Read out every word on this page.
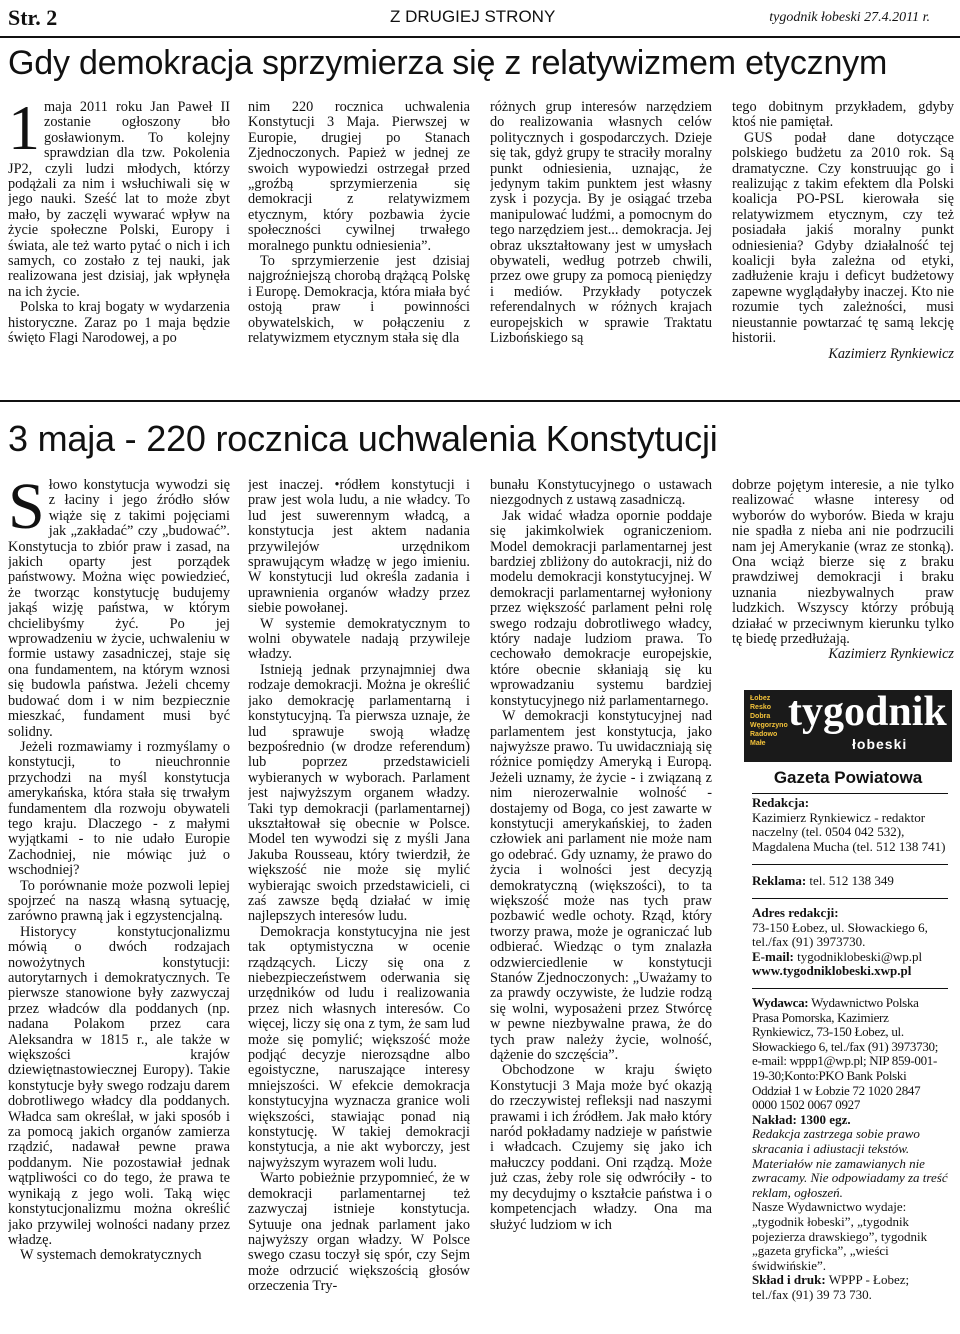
Str. 2	Z DRUGIEJ STRONY	tygodnik łobeski 27.4.2011 r.
Gdy demokracja sprzymierza się z relatywizmem etycznym
1 maja 2011 roku Jan Paweł II zostanie ogłoszony bło gosławionym. To kolejny sprawdzian dla tzw. Pokolenia JP2, czyli ludzi młodych, którzy podążali za nim i wsłuchiwali się w jego nauki. Sześć lat to może zbyt mało, by zaczęli wywarać wpływ na życie społeczne Polski, Europy i świata, ale też warto pytać o nich i ich samych, co zostało z tej nauki, jak realizowana jest dzisiaj, jak wpłynęła na ich życie.

Polska to kraj bogaty w wydarzenia historyczne. Zaraz po 1 maja będzie święto Flagi Narodowej, a po

nim 220 rocznica uchwalenia Konstytucji 3 Maja. Pierwszej w Europie, drugiej po Stanach Zjednoczonych. Papież w jednej ze swoich wypowiedzi ostrzegał przed „groźbą sprzymierzenia się demokracji z relatywizmem etycznym, który pozbawia życie społeczności cywilnej trwałego moralnego punktu odniesienia”.

To sprzymierzenie jest dzisiaj najgroźniejszą chorobą drążącą Polskę i Europę. Demokracja, która miała być ostoją praw i powinności obywatelskich, w połączeniu z relatywizmem etycznym stała się dla

różnych grup interesów narzędziem do realizowania własnych celów politycznych i gospodarczych. Dzieje się tak, gdyż grupy te straciły moralny punkt odniesienia, uznając, że jedynym takim punktem jest własny zysk i pozycja. By je osiągać trzeba manipulować ludźmi, a pomocnym do tego narzędziem jest... demokracja. Jej obraz ukształtowany jest w umysłach obywateli, według potrzeb chwili, przez owe grupy za pomocą pieniędzy i mediów. Przykłady potyczek referendalnych w różnych krajach europejskich w sprawie Traktatu Lizbońskiego są

tego dobitnym przykładem, gdyby ktoś nie pamiętał.

GUS podał dane dotyczące polskiego budżetu za 2010 rok. Są dramatyczne. Czy konstruując go i realizując z takim efektem dla Polski koalicja PO-PSL kierowała się relatywizmem etycznym, czy też posiadała jakiś moralny punkt odniesienia? Gdyby działalność tej koalicji była zależna od etyki, zadłużenie kraju i deficyt budżetowy zapewne wyglądałyby inaczej. Kto nie rozumie tych zależności, musi nieustannie powtarzać tę samą lekcję historii.

Kazimierz Rynkiewicz

3 maja - 220 rocznica uchwalenia Konstytucji
S łowo konstytucja wywodzi się z łaciny i jego źródło słów wiąże się z takimi pojęciami jak „zakładać” czy „budować”. Konstytucja to zbiór praw i zasad, na jakich oparty jest porządek państwowy. Można więc powiedzieć, że tworząc konstytucję budujemy jakąś wizję państwa, w którym chcielibyśmy żyć. Po jej wprowadzeniu w życie, uchwaleniu w formie ustawy zasadniczej, staje się ona fundamentem, na którym wznosi się budowla państwa. Jeżeli chcemy budować dom i w nim bezpiecznie mieszkać, fundament musi być solidny.

Jeżeli rozmawiamy i rozmyślamy o konstytucji, to nieuchronnie przychodzi na myśl konstytucja amerykańska, która stała się trwałym fundamentem dla rozwoju obywateli tego kraju. Dlaczego - z małymi wyjątkami - to nie udało Europie Zachodniej, nie mówiąc już o wschodniej?

To porównanie może pozwoli lepiej spojrzeć na naszą własną sytuację, zarówno prawną jak i egzystencjalną.

Historycy konstytucjonalizmu mówią o dwóch rodzajach nowożytnych konstytucji: autorytarnych i demokratycznych. Te pierwsze stanowione były zazwyczaj przez władców dla poddanych (np. nadana Polakom przez cara Aleksandra w 1815 r., ale także w większości krajów dziewiętnastowiecznej Europy). Takie konstytucje były swego rodzaju darem dobrotliwego władcy dla poddanych. Władca sam określał, w jaki sposób i za pomocą jakich organów zamierza rządzić, nadawał pewne prawa poddanym. Nie pozostawiał jednak wątpliwości co do tego, że prawa te wynikają z jego woli. Taką więc konstytucjonalizmu można określić jako przywilej wolności nadany przez władzę.

W systemach demokratycznych

jest inaczej. •ródłem konstytucji i praw jest wola ludu, a nie władcy. To lud jest suwerennym władcą, a konstytucja jest aktem nadania przywilejów urzędnikom sprawującym władzę w jego imieniu. W konstytucji lud określa zadania i uprawnienia organów władzy przez siebie powołanej.

W systemie demokratycznym to wolni obywatele nadają przywileje władzy.

Istnieją jednak przynajmniej dwa rodzaje demokracji. Można je określić jako demokrację parlamentarną i konstytucyjną. Ta pierwsza uznaje, że lud sprawuje swoją władzę bezpośrednio (w drodze referendum) lub poprzez przedstawicieli wybieranych w wyborach. Parlament jest najwyższym organem władzy. Taki typ demokracji (parlamentarnej) ukształtował się obecnie w Polsce. Model ten wywodzi się z myśli Jana Jakuba Rousseau, który twierdził, że większość nie może się mylić wybierając swoich przedstawicieli, ci zaś zawsze będą działać w imię najlepszych interesów ludu.

Demokracja konstytucyjna nie jest tak optymistyczna w ocenie rządzących. Liczy się ona z niebezpieczeństwem oderwania się urzędników od ludu i realizowania przez nich własnych interesów. Co więcej, liczy się ona z tym, że sam lud może się pomylić; większość może podjąć decyzje nierozsądne albo egoistyczne, naruszające interesy mniejszości. W efekcie demokracja konstytucyjna wyznacza granice woli większości, stawiając ponad nią konstytucję. W takiej demokracji konstytucja, a nie akt wyborczy, jest najwyższym wyrazem woli ludu.

Warto pobieżnie przypomnieć, że w demokracji parlamentarnej też zazwyczaj istnieje konstytucja. Sytuuje ona jednak parlament jako najwyższy organ władzy. W Polsce swego czasu toczył się spór, czy Sejm może odrzucić większością głosów orzeczenia Try-

bunału Konstytucyjnego o ustawach niezgodnych z ustawą zasadniczą.

Jak widać władza opornie poddaje się jakimkolwiek ograniczeniom. Model demokracji parlamentarnej jest bardziej zbliżony do autokracji, niż do modelu demokracji konstytucyjnej. W demokracji parlamentarnej wyłoniony przez większość parlament pełni rolę swego rodzaju dobrotliwego władcy, który nadaje ludziom prawa. To cechowało demokracje europejskie, które obecnie skłaniają się ku wprowadzaniu systemu bardziej konstytucyjnego niż parlamentarnego.

W demokracji konstytucyjnej nad parlamentem jest konstytucja, jako najwyższe prawo. Tu uwidaczniają się różnice pomiędzy Ameryką i Europą. Jeżeli uznamy, że życie - i związaną z nim nierozerwalnie wolność - dostajemy od Boga, co jest zawarte w konstytucji amerykańskiej, to żaden człowiek ani parlament nie może nam go odebrać. Gdy uznamy, że prawo do życia i wolności jest decyzją demokratyczną (większości), to ta większość może nas tych praw pozbawić wedle ochoty. Rząd, który tworzy prawa, może je ograniczać lub odbierać. Wiedząc o tym znalazła odzwierciedlenie w konstytucji Stanów Zjednoczonych: „Uważamy to za prawdy oczywiste, że ludzie rodzą się wolni, wyposażeni przez Stwórcę w pewne niezbywalne prawa, że do tych praw należy życie, wolność, dążenie do szczęścia”.

Obchodzone w kraju święto Konstytucji 3 Maja może być okazją do rzeczywistej refleksji nad naszymi prawami i ich źródłem. Jak mało który naród pokładamy nadzieje w państwie i władcach. Czujemy się jako ich małuczcy poddani. Oni rządzą. Może już czas, żeby role się odwróciły - to my decydujmy o kształcie państwa i o kompetencjach władzy. Ona ma służyć ludziom w ich

dobrze pojętym interesie, a nie tylko realizować własne interesy od wyborów do wyborów. Bieda w kraju nie spadła z nieba ani nie podrzucili nam jej Amerykanie (wraz ze stonką). Ona wciąż bierze się z braku prawdziwej demokracji i braku uznania niezbywalnych praw ludzkich. Wszyscy którzy próbują działać w przeciwnym kierunku tylko tę biedę przedłużają.

Kazimierz Rynkiewicz

Łobez
Resko
Dobra
Węgorzyno
Radowo Małe
tygodnik
łobeski
Gazeta Powiatowa

Redakcja:

Kazimierz Rynkiewicz - redaktor naczelny (tel. 0504 042 532), Magdalena Mucha (tel. 512 138 741)

Reklama: tel. 512 138 349

Adres redakcji:

73-150 Łobez, ul. Słowackiego 6, tel./fax (91) 3973730.

E-mail: tygodniklobeski@wp.pl

www.tygodniklobeski.xwp.pl

Wydawca: Wydawnictwo Polska Prasa Pomorska, Kazimierz Rynkiewicz, 73-150 Łobez, ul. Słowackiego 6, tel./fax (91) 3973730; e-mail: wppp1@wp.pl; NIP 859-001-19-30;Konto:PKO Bank Polski Oddział 1 w Łobzie 72 1020 2847 0000 1502 0067 0927

Nakład: 1300 egz.

Redakcja zastrzega sobie prawo skracania i adiustacji tekstów. Materiałów nie zamawianych nie zwracamy. Nie odpowiadamy za treść reklam, ogłoszeń.

Nasze Wydawnictwo wydaje: „tygodnik łobeski”, „tygodnik pojezierza drawskiego”, tygodnik „gazeta gryficka”, „wieści świdwińskie”.

Skład i druk: WPPP - Łobez; tel./fax (91) 39 73 730.
